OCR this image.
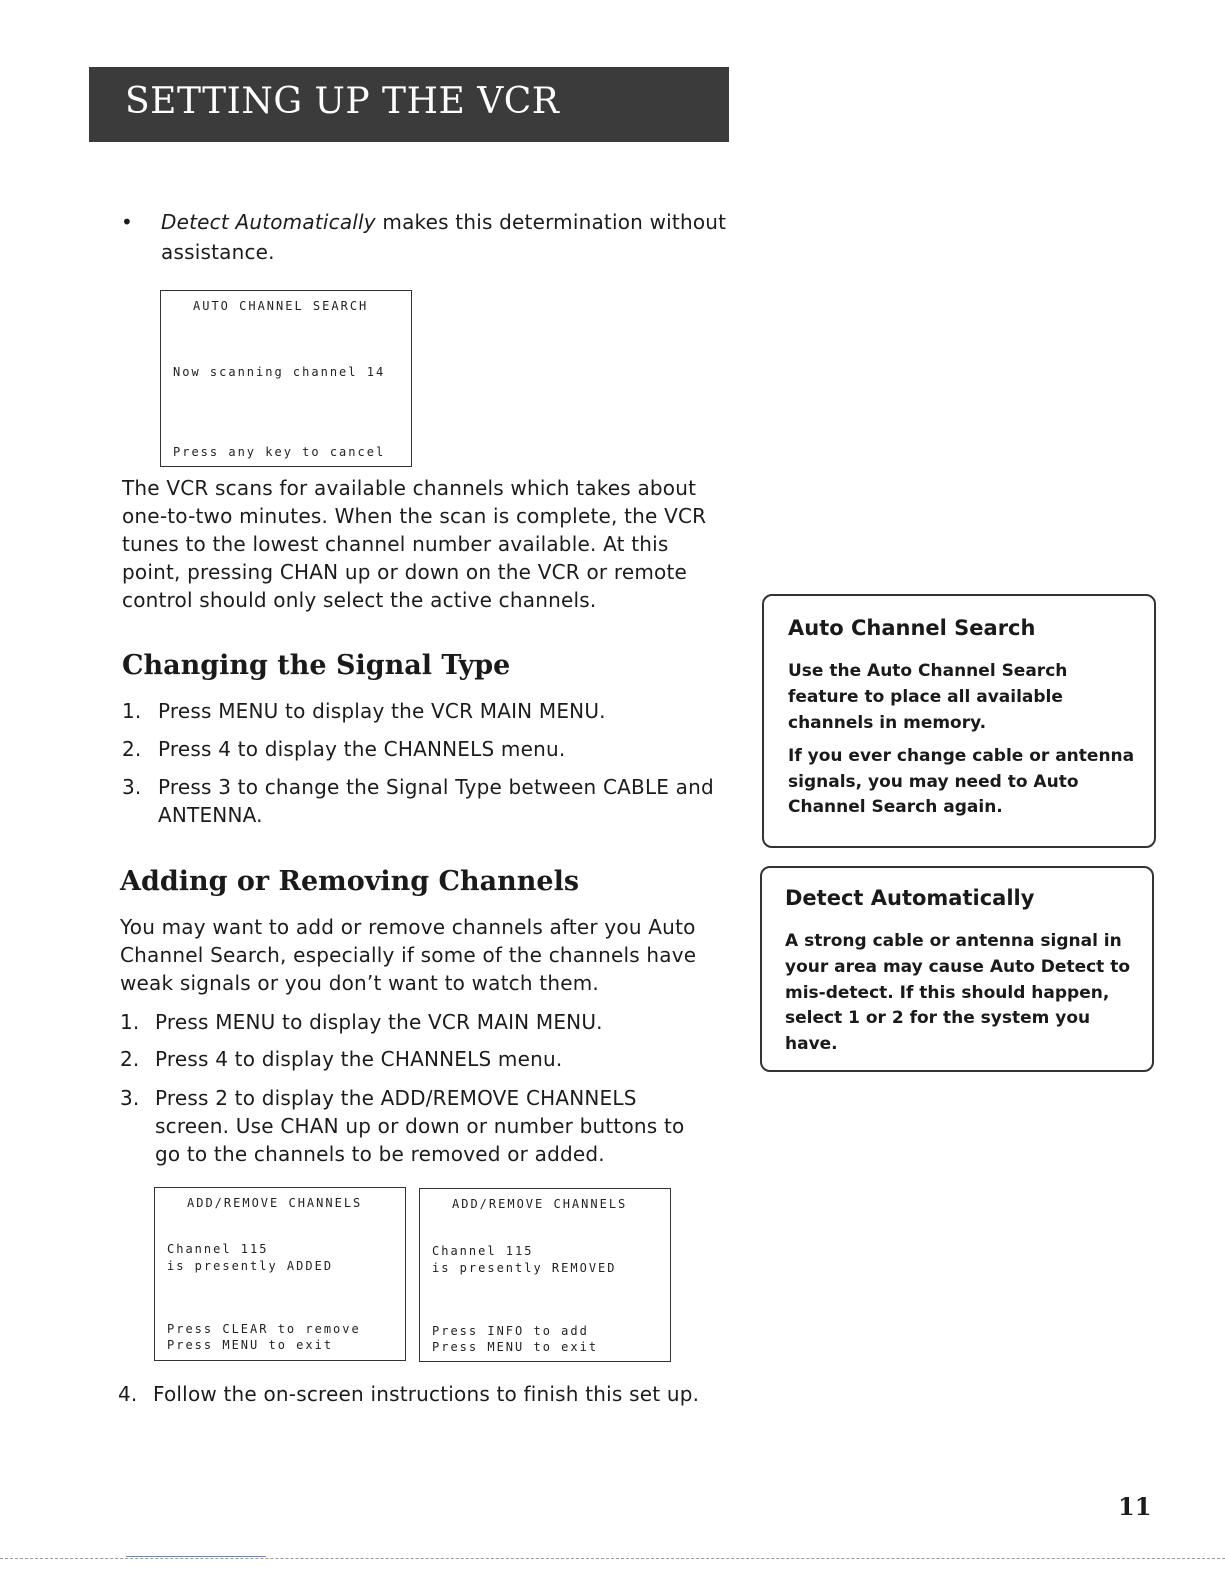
SETTING UP THE VCR
• Detect Automatically makes this determination without
assistance.
AUTO CHANNEL SEARCH
Now scanning channel 14
Press any key to cancel
The VCR scans for available channels which takes about
one-to-two minutes. When the scan is complete, the VCR
tunes to the lowest channel number available. At this
point, pressing CHAN up or down on the VCR or remote
control should only select the active channels.
Changing the Signal Type
1. Press MENU to display the VCR MAIN MENU.
2. Press 4 to display the CHANNELS menu.
3. Press 3 to change the Signal Type between CABLE and
ANTENNA.
Adding or Removing Channels
You may want to add or remove channels after you Auto
Channel Search, especially if some of the channels have
weak signals or you don’t want to watch them.
1. Press MENU to display the VCR MAIN MENU.
2. Press 4 to display the CHANNELS menu.
3. Press 2 to display the ADD/REMOVE CHANNELS
screen. Use CHAN up or down or number buttons to
go to the channels to be removed or added.
ADD/REMOVE CHANNELS
Channel 115
is presently ADDED
Press CLEAR to remove
Press MENU to exit
ADD/REMOVE CHANNELS
Channel 115
is presently REMOVED
Press INFO to add
Press MENU to exit
4. Follow the on-screen instructions to finish this set up.
Auto Channel Search
Use the Auto Channel Search
feature to place all available
channels in memory.
If you ever change cable or antenna
signals, you may need to Auto
Channel Search again.
Detect Automatically
A strong cable or antenna signal in
your area may cause Auto Detect to
mis-detect. If this should happen,
select 1 or 2 for the system you
have.
11
